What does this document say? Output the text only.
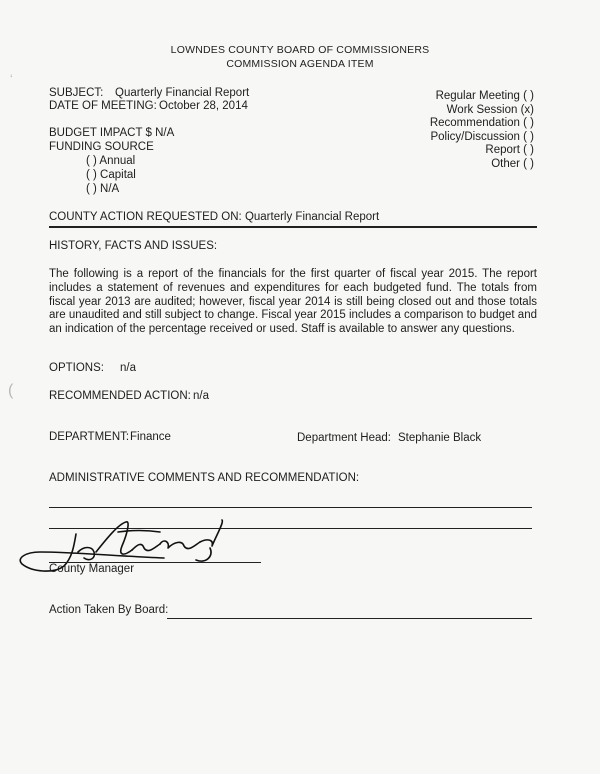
‘
(
LOWNDES COUNTY BOARD OF COMMISSIONERS
COMMISSION AGENDA ITEM
SUBJECT: Quarterly Financial Report
DATE OF MEETING: October 28, 2014
Regular Meeting ( )
Work Session (x)
Recommendation ( )
Policy/Discussion ( )
Report ( )
Other ( )
BUDGET IMPACT $ N/A
FUNDING SOURCE
( ) Annual
( ) Capital
( ) N/A
COUNTY ACTION REQUESTED ON: Quarterly Financial Report
HISTORY, FACTS AND ISSUES:
The following is a report of the financials for the first quarter of fiscal year 2015. The report includes a statement of revenues and expenditures for each budgeted fund. The totals from fiscal year 2013 are audited; however, fiscal year 2014 is still being closed out and those totals are unaudited and still subject to change. Fiscal year 2015 includes a comparison to budget and an indication of the percentage received or used. Staff is available to answer any questions.
OPTIONS: n/a
RECOMMENDED ACTION: n/a
DEPARTMENT: Finance	Department Head: Stephanie Black
ADMINISTRATIVE COMMENTS AND RECOMMENDATION:
County Manager
Action Taken By Board:
